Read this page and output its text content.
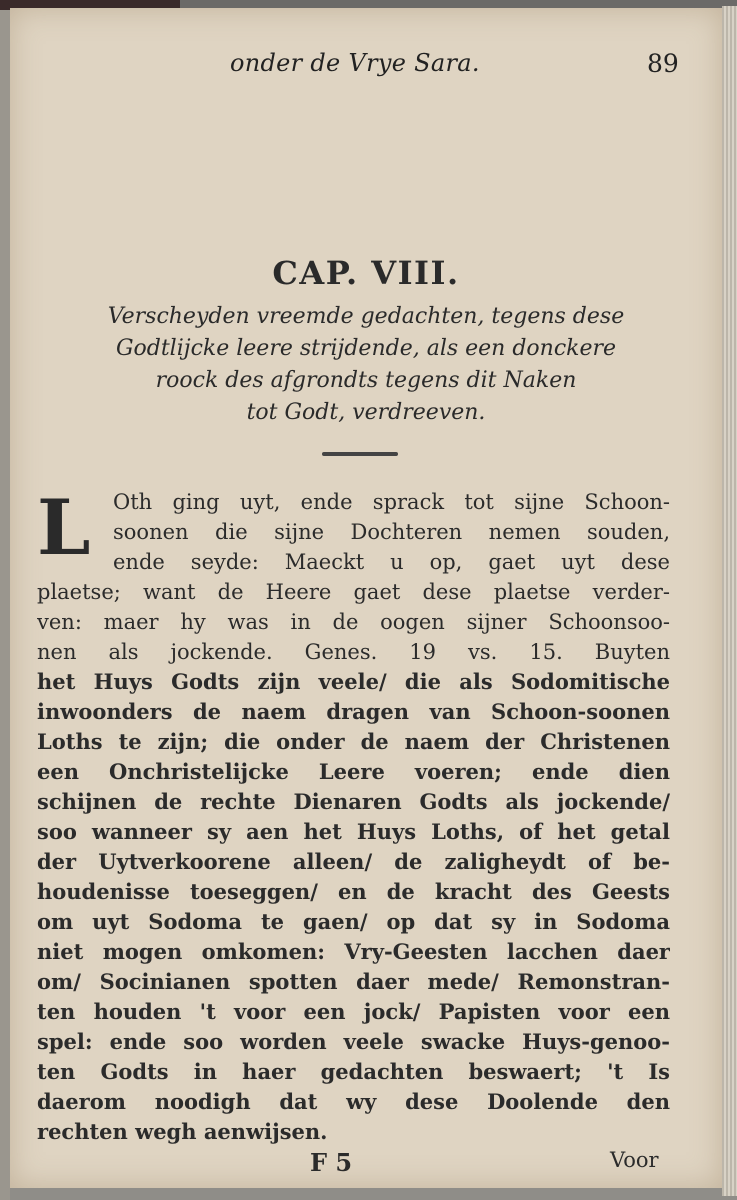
onder de Vrye Sara.	89
CAP. VIII.
Verscheyden vreemde gedachten, tegens dese
Godtlijcke leere strijdende, als een donckere
roock des afgrondts tegens dit Naken
tot Godt, verdreeven.
L Oth ging uyt, ende sprack tot sijne Schoon-
soonen die sijne Dochteren nemen souden,
ende seyde: Maeckt u op, gaet uyt dese
plaetse; want de Heere gaet dese plaetse verder-
ven: maer hy was in de oogen sijner Schoonsoo-
nen als jockende. Genes. 19 vs. 15. Buyten
het Huys Godts zijn veele/ die als Sodomitische
inwoonders de naem dragen van Schoon-soonen
Loths te zijn; die onder de naem der Christenen
een Onchristelijcke Leere voeren; ende dien
schijnen de rechte Dienaren Godts als jockende/
soo wanneer sy aen het Huys Loths, of het getal
der Uytverkoorene alleen/ de zaligheydt of be-
houdenisse toeseggen/ en de kracht des Geests
om uyt Sodoma te gaen/ op dat sy in Sodoma
niet mogen omkomen: Vry-Geesten lacchen daer
om/ Socinianen spotten daer mede/ Remonstran-
ten houden 't voor een jock/ Papisten voor een
spel: ende soo worden veele swacke Huys-genoo-
ten Godts in haer gedachten beswaert; 't Is
daerom noodigh dat wy dese Doolende den
rechten wegh aenwijsen.
F 5	Voor
